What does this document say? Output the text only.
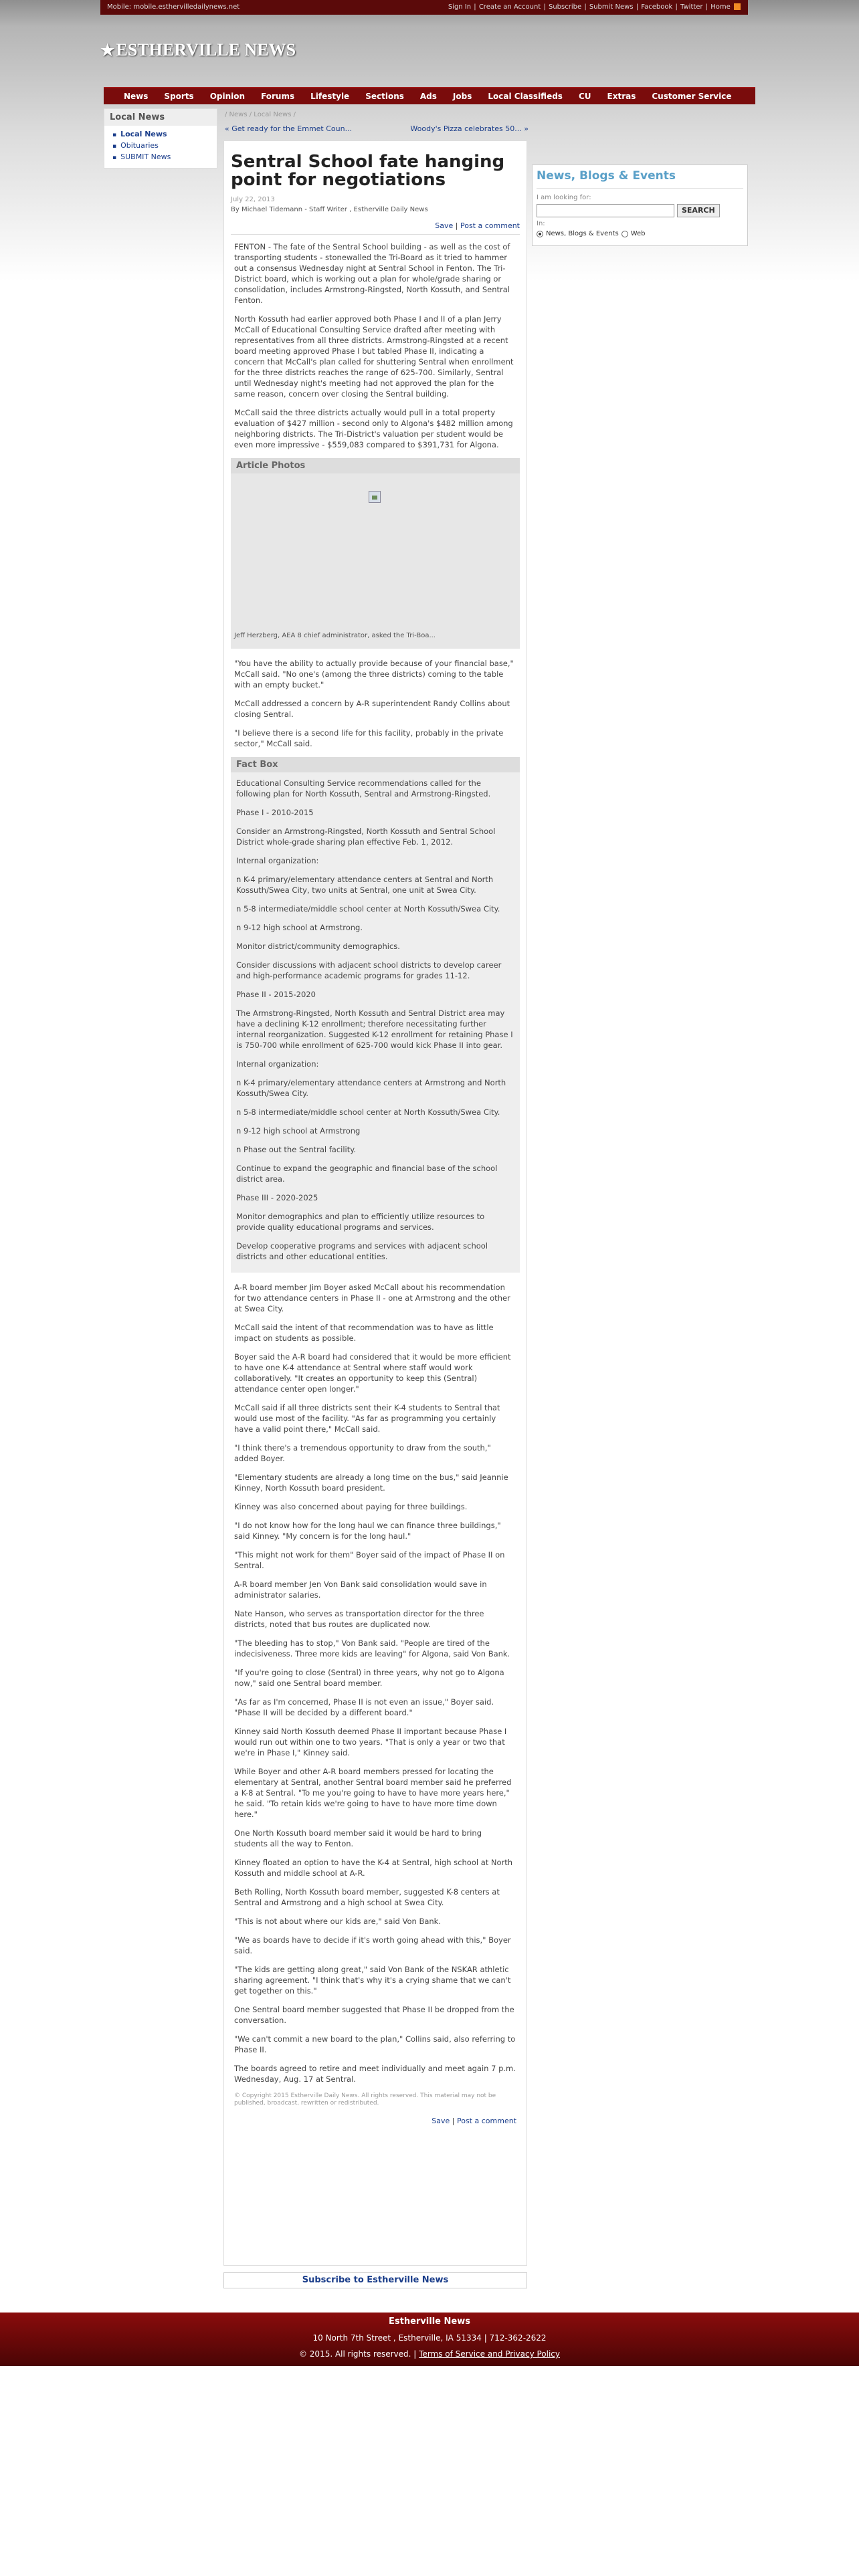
Mobile: mobile.esthervilledailynews.net	Sign In | Create an Account | Subscribe | Submit News | Facebook | Twitter | Home
★ ESTHERVILLE NEWS
News	Sports	Opinion	Forums	Lifestyle	Sections	Ads	Jobs	Local Classifieds	CU	Extras	Customer Service
Local News
▪ Local News
▪ Obituaries
▪ SUBMIT News
/ News / Local News /
« Get ready for the Emmet Coun...	Woody's Pizza celebrates 50... »
Sentral School fate hanging point for negotiations
July 22, 2013
By Michael Tidemann - Staff Writer , Estherville Daily News
Save | Post a comment

FENTON - The fate of the Sentral School building - as well as the cost of transporting students - stonewalled the Tri-Board as it tried to hammer out a consensus Wednesday night at Sentral School in Fenton. The Tri-District board, which is working out a plan for whole/grade sharing or consolidation, includes Armstrong-Ringsted, North Kossuth, and Sentral Fenton.

North Kossuth had earlier approved both Phase I and II of a plan Jerry McCall of Educational Consulting Service drafted after meeting with representatives from all three districts. Armstrong-Ringsted at a recent board meeting approved Phase I but tabled Phase II, indicating a concern that McCall's plan called for shuttering Sentral when enrollment for the three districts reaches the range of 625-700. Similarly, Sentral until Wednesday night's meeting had not approved the plan for the same reason, concern over closing the Sentral building.

McCall said the three districts actually would pull in a total property evaluation of $427 million - second only to Algona's $482 million among neighboring districts. The Tri-District's valuation per student would be even more impressive - $559,083 compared to $391,731 for Algona.

Article Photos
Jeff Herzberg, AEA 8 chief administrator, asked the Tri-Boa...

"You have the ability to actually provide because of your financial base," McCall said. "No one's (among the three districts) coming to the table with an empty bucket."

McCall addressed a concern by A-R superintendent Randy Collins about closing Sentral.

"I believe there is a second life for this facility, probably in the private sector," McCall said.

Fact Box

Educational Consulting Service recommendations called for the following plan for North Kossuth, Sentral and Armstrong-Ringsted.

Phase I - 2010-2015

Consider an Armstrong-Ringsted, North Kossuth and Sentral School District whole-grade sharing plan effective Feb. 1, 2012.

Internal organization:

n K-4 primary/elementary attendance centers at Sentral and North Kossuth/Swea City, two units at Sentral, one unit at Swea City.

n 5-8 intermediate/middle school center at North Kossuth/Swea City.

n 9-12 high school at Armstrong.

Monitor district/community demographics.

Consider discussions with adjacent school districts to develop career and high-performance academic programs for grades 11-12.

Phase II - 2015-2020

The Armstrong-Ringsted, North Kossuth and Sentral District area may have a declining K-12 enrollment; therefore necessitating further internal reorganization. Suggested K-12 enrollment for retaining Phase I is 750-700 while enrollment of 625-700 would kick Phase II into gear.

Internal organization:

n K-4 primary/elementary attendance centers at Armstrong and North Kossuth/Swea City.

n 5-8 intermediate/middle school center at North Kossuth/Swea City.

n 9-12 high school at Armstrong

n Phase out the Sentral facility.

Continue to expand the geographic and financial base of the school district area.

Phase III - 2020-2025

Monitor demographics and plan to efficiently utilize resources to provide quality educational programs and services.

Develop cooperative programs and services with adjacent school districts and other educational entities.

A-R board member Jim Boyer asked McCall about his recommendation for two attendance centers in Phase II - one at Armstrong and the other at Swea City.

McCall said the intent of that recommendation was to have as little impact on students as possible.

Boyer said the A-R board had considered that it would be more efficient to have one K-4 attendance at Sentral where staff would work collaboratively. "It creates an opportunity to keep this (Sentral) attendance center open longer."

McCall said if all three districts sent their K-4 students to Sentral that would use most of the facility. "As far as programming you certainly have a valid point there," McCall said.

"I think there's a tremendous opportunity to draw from the south," added Boyer.

"Elementary students are already a long time on the bus," said Jeannie Kinney, North Kossuth board president.

Kinney was also concerned about paying for three buildings.

"I do not know how for the long haul we can finance three buildings," said Kinney. "My concern is for the long haul."

"This might not work for them" Boyer said of the impact of Phase II on Sentral.

A-R board member Jen Von Bank said consolidation would save in administrator salaries.

Nate Hanson, who serves as transportation director for the three districts, noted that bus routes are duplicated now.

"The bleeding has to stop," Von Bank said. "People are tired of the indecisiveness. Three more kids are leaving" for Algona, said Von Bank.

"If you're going to close (Sentral) in three years, why not go to Algona now," said one Sentral board member.

"As far as I'm concerned, Phase II is not even an issue," Boyer said. "Phase II will be decided by a different board."

Kinney said North Kossuth deemed Phase II important because Phase I would run out within one to two years. "That is only a year or two that we're in Phase I," Kinney said.

While Boyer and other A-R board members pressed for locating the elementary at Sentral, another Sentral board member said he preferred a K-8 at Sentral. "To me you're going to have to have more years here," he said. "To retain kids we're going to have to have more time down here."

One North Kossuth board member said it would be hard to bring students all the way to Fenton.

Kinney floated an option to have the K-4 at Sentral, high school at North Kossuth and middle school at A-R.

Beth Rolling, North Kossuth board member, suggested K-8 centers at Sentral and Armstrong and a high school at Swea City.

"This is not about where our kids are," said Von Bank.

"We as boards have to decide if it's worth going ahead with this," Boyer said.

"The kids are getting along great," said Von Bank of the NSKAR athletic sharing agreement. "I think that's why it's a crying shame that we can't get together on this."

One Sentral board member suggested that Phase II be dropped from the conversation.

"We can't commit a new board to the plan," Collins said, also referring to Phase II.

The boards agreed to retire and meet individually and meet again 7 p.m. Wednesday, Aug. 17 at Sentral.

© Copyright 2015 Estherville Daily News. All rights reserved. This material may not be published, broadcast, rewritten or redistributed.
Save | Post a comment
Subscribe to Estherville News
News, Blogs & Events
I am looking for:
SEARCH
In:
News, Blogs & Events Web
Estherville News
10 North 7th Street , Estherville, IA 51334 | 712-362-2622
© 2015. All rights reserved. | Terms of Service and Privacy Policy
